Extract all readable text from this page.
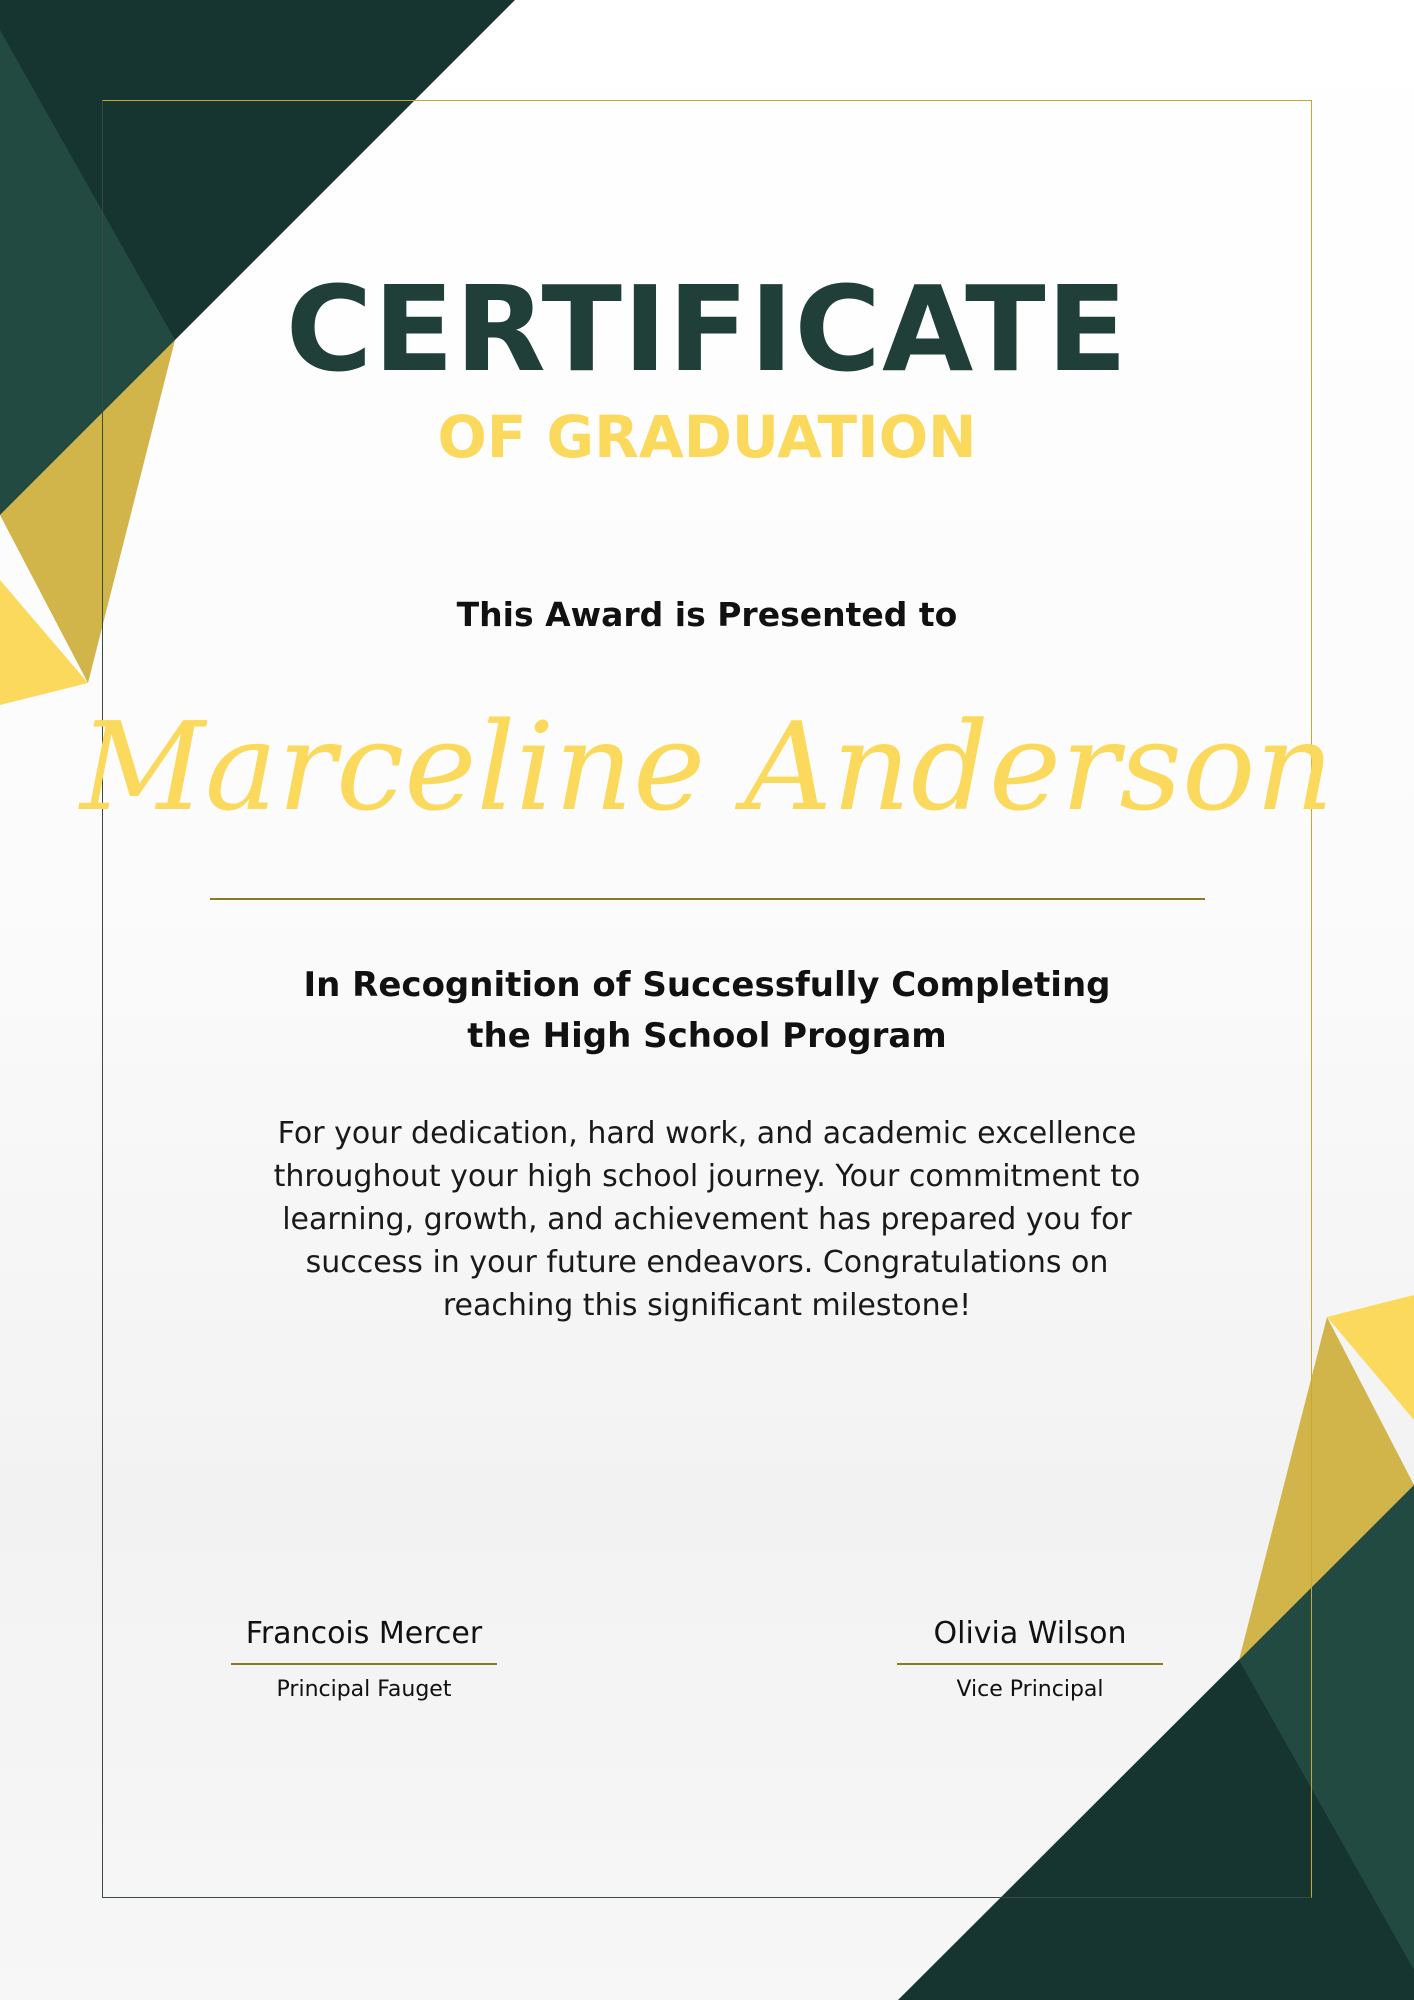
CERTIFICATE
OF GRADUATION
This Award is Presented to
Marceline Anderson
In Recognition of Successfully Completing
the High School Program
For your dedication, hard work, and academic excellence
throughout your high school journey. Your commitment to
learning, growth, and achievement has prepared you for
success in your future endeavors. Congratulations on
reaching this significant milestone!
Francois Mercer
Principal Fauget
Olivia Wilson
Vice Principal
